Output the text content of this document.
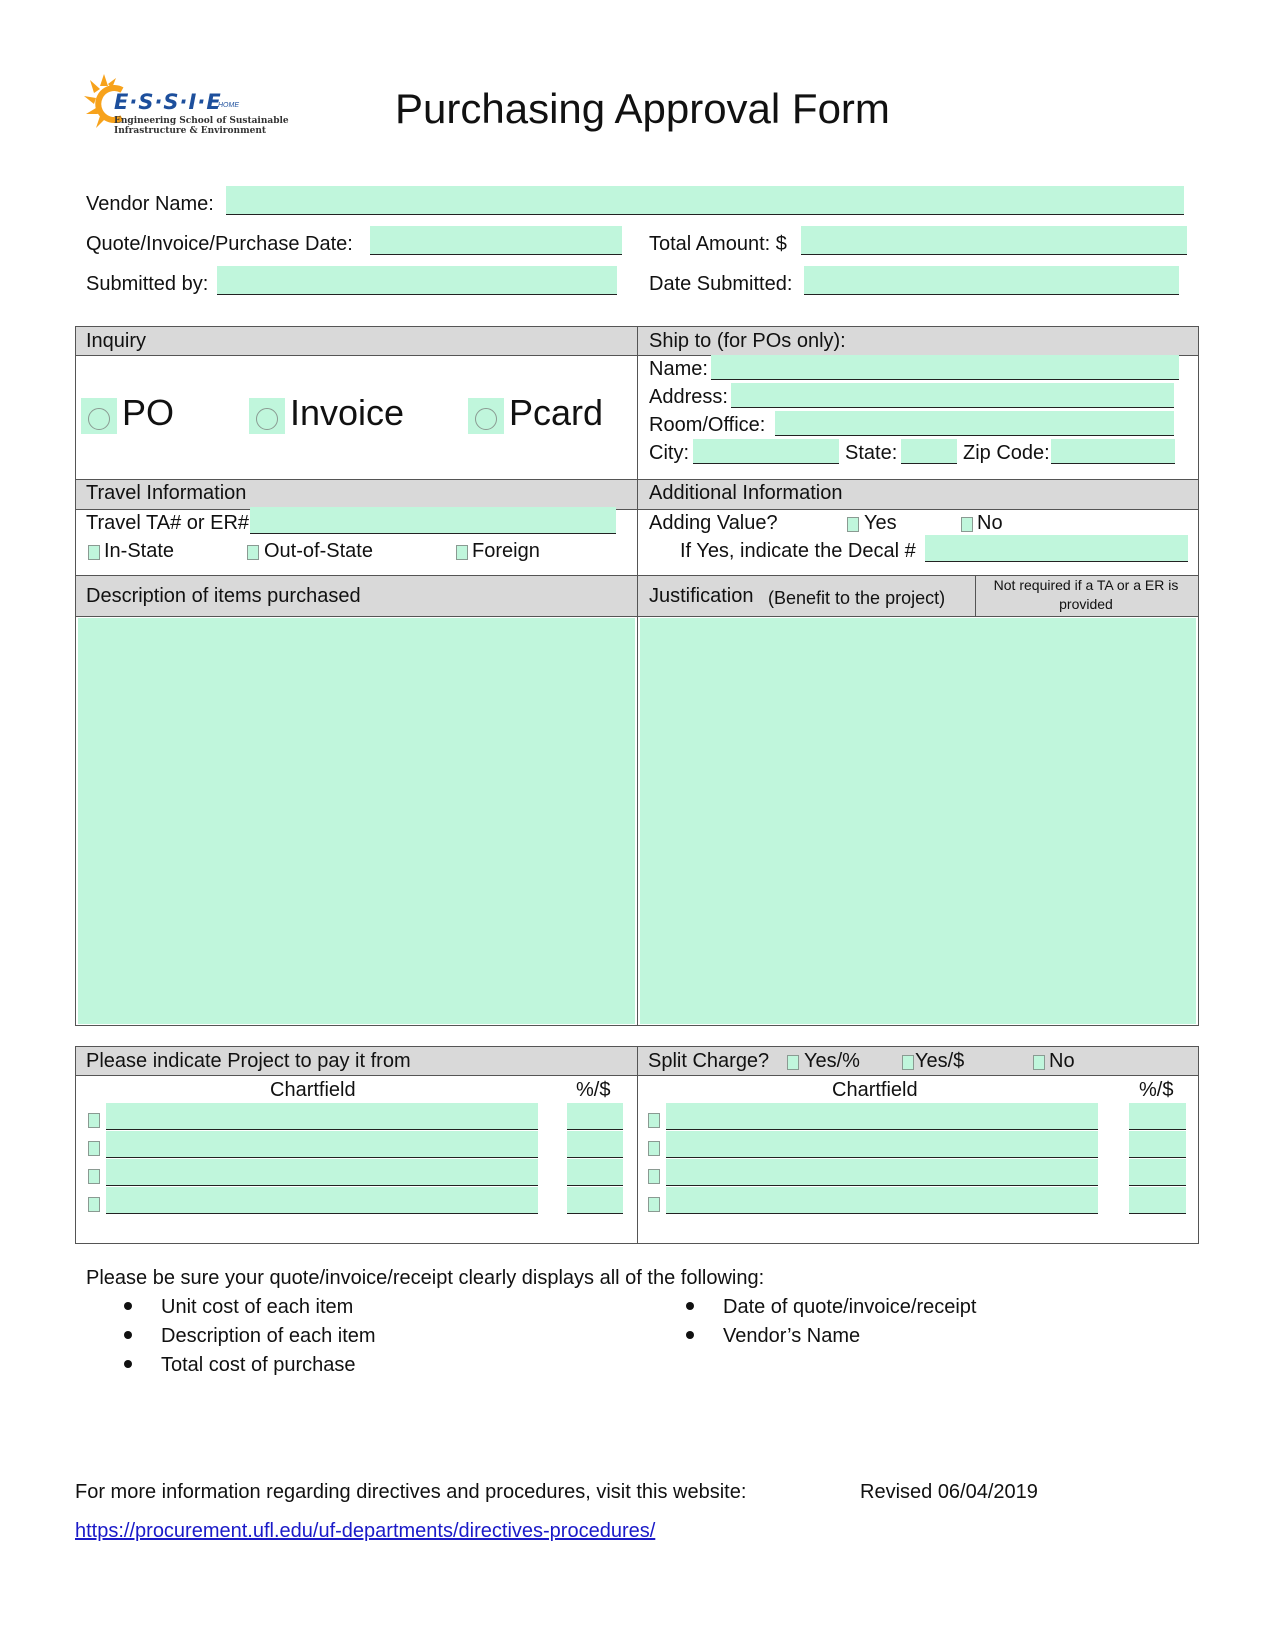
E·S·S·I·E
HOME
Engineering School of Sustainable
Infrastructure & Environment	Purchasing Approval Form
Vendor Name:
Quote/Invoice/Purchase Date:	Total Amount: $
Submitted by:	Date Submitted:
Inquiry	Ship to (for POs only):
PO	Invoice	Pcard
Name:
Address:
Room/Office:
City:	State:	Zip Code:
Travel Information	Additional Information
Travel TA# or ER#
In-State	Out-of-State	Foreign
Adding Value?	Yes	No
If Yes, indicate the Decal #
Description of items purchased	Justification (Benefit to the project)
Not required if a TA or a ER is provided
Please indicate Project to pay it from	Split Charge? Yes/%	Yes/$	No
Chartfield	%/$	Chartfield	%/$
Please be sure your quote/invoice/receipt clearly displays all of the following:
Unit cost of each item
Description of each item
Total cost of purchase
Date of quote/invoice/receipt
Vendor’s Name
For more information regarding directives and procedures, visit this website:	Revised 06/04/2019
https://procurement.ufl.edu/uf-departments/directives-procedures/
